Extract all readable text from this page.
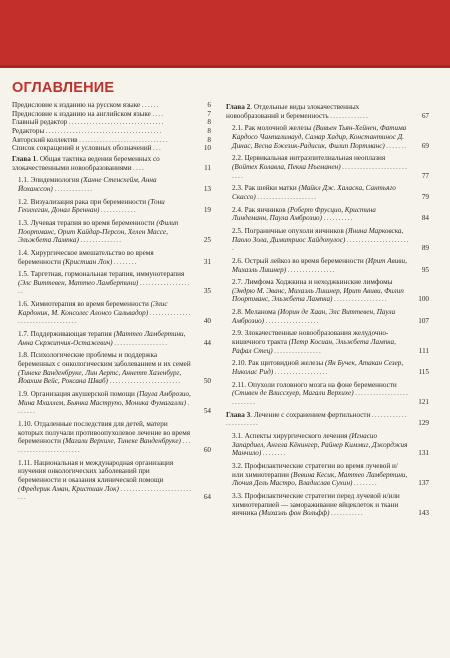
ОГЛАВЛЕНИЕ
Предисловие к изданию на русском языке . . . . . .	6
Предисловие к изданию на английском языке . . . .	7
Главный редактор . . . . . . . . . . . . . . . . . . . . . . . . . . . . . . . .	8
Редакторы . . . . . . . . . . . . . . . . . . . . . . . . . . . . . . . . . . . . . . .	8
Авторский коллектив . . . . . . . . . . . . . . . . . . . . . . . . . . . . . .	8
Список сокращений и условных обозначений . . .	10
Глава 1. Общая тактика ведения беременных со злокачественными новообразованиями . . . .	11
1.1. Эпидемиология (Ханне Стенсхейм, Анна Йохансcон) . . . . . . . . . . . . .	13
1.2. Визуализация рака при беременности (Тони Геолхеган, Донал Бреннан) . . . . . . . . . . . .	19
1.3. Лучевая терапия во время беременности (Филип Поортманс, Орит Кайдар-Персон, Хелен Массе, Эльжбета Лампка) . . . . . . . . . . . . . .	25
1.4. Хирургическое вмешательство во время беременности (Кристиан Лок) . . . . . . . .	31
1.5. Таргетная, гормональная терапия, иммунотерапия (Элс Виттевен, Маттео Ламбертини) . . . . . . . . . . . . . . . . . . .	35
1.6. Химиотерапия во время беременности (Элис Кардоник, М. Консолес Алонсо Сальвадор) . . . . . . . . . . . . . . . . . . . . . . . . . . . . . . . . . .	40
1.7. Поддерживающая терапия (Маттео Ламбертини, Анна Скржипчик-Остажевич) . . . . . . . . . . . . . . . . . .	44
1.8. Психологические проблемы и поддержка беременных с онкологическим заболеванием и их семей (Тинеке Ванденбрукe, Лин Аертс, Аннетт Хазенбург, Йоахим Вейс, Роксана Шваб) . . . . . . . . . . . . . . . . . . . . . . . .	50
1.9. Организация акушерской помощи (Паула Амброзио, Мина Мхаллем, Бьянка Маструпо, Моника Фумагалли) . . . . . . .	54
1.10. Отдаленные последствия для детей, матери которых получали противоопухолевое лечение во время беременности (Магали Верхиxе, Тинеке Ванденбрукe) . . . . . . . . . . . . . . . . . . . . . . . .	60
1.11. Национальная и международная организация изучения онкологических заболеваний при беременности и оказания клинической помощи (Фредерик Аман, Кристиан Лок) . . . . . . . . . . . . . . . . . . . . . . . . . . .	64
Глава 2. Отдельные виды злокачественных новообразований и беременность . . . . . . . . . . . . .	67
2.1. Рак молочной железы (Вивьен Тьян-Хейнен, Фатима Кардосо Чампалимауд, Самар Хадир, Константинос Д. Динас, Весна Бжезик-Радисик, Филип Портманс) . . . . . . .	69
2.2. Цервикальная интраэпителиальная неоплазия (Войтех Колавла, Пекка Нъеманен) . . . . . . . . . . . . . . . . . . . . . . . . . .	77
2.3. Рак шейки матки (Майкл Дж. Халаска, Сантьяго Скассо) . . . . . . . . . . . . . . . . . . . .	79
2.4. Рак яичников (Роберт Фрусцио, Кристина Линдеманн, Паула Амброзио) . . . . . . . . . .	84
2.5. Пограничные опухоли яичников (Янина Марковска, Паоло Зола, Димитриос Хайдопулос) . . . . . . . . . . . . . . . . . . . . . .	89
2.6. Острый лейкоз во время беременности (Ирит Авиви, Михаэль Лишнер) . . . . . . . . . . . . . . . .	95
2.7. Лимфома Ходжкина и неходжкинские лимфомы (Эндрю М. Эванс, Михаэль Лишнер, Ирит Авиви, Филип Поортманс, Эльжбета Лампка) . . . . . . . . . . . . . . . . . .	100
2.8. Меланома (Иорин де Хаан, Элс Виттевен, Паула Амброзио) . . . . . . . . . . . . . . . . . .	107
2.9. Злокачественные новообразования желудочно-кишечного тракта (Петр Косиан, Эльжбета Лампка, Рафал Стец) . . . . . . . . . . . . . . . .	111
2.10. Рак щитовидной железы (Ян Бучек, Атакан Сезер, Николас Рид) . . . . . . . . . . . . . . . . . .	115
2.11. Опухоли головного мозга на фоне беременности (Стивен де Влиссхуер, Магали Верхиxе) . . . . . . . . . . . . . . . . . . . . . . . . . .	121
Глава 3. Лечение с сохранением фертильности . . . . . . . . . . . . . . . . . . . . . . .	129
3.1. Аспекты хирургического лечения (Игнасио Запардиел, Ангела Кёнингер, Райнер Киммиг, Джорджия Манчило) . . . . . . . .	131
3.2. Профилактические стратегии во время лучевой и/или химиотерапии (Вевина Кесик, Маттео Ламбертини, Лючия Дель Мастро, Владислав Сухин) . . . . . . . .	137
3.3. Профилактические стратегии перед лучевой и/или химиотерапией — замораживание яйцеклеток и ткани яичника (Михаэль фон Вольфф) . . . . . . . . . . .	143
